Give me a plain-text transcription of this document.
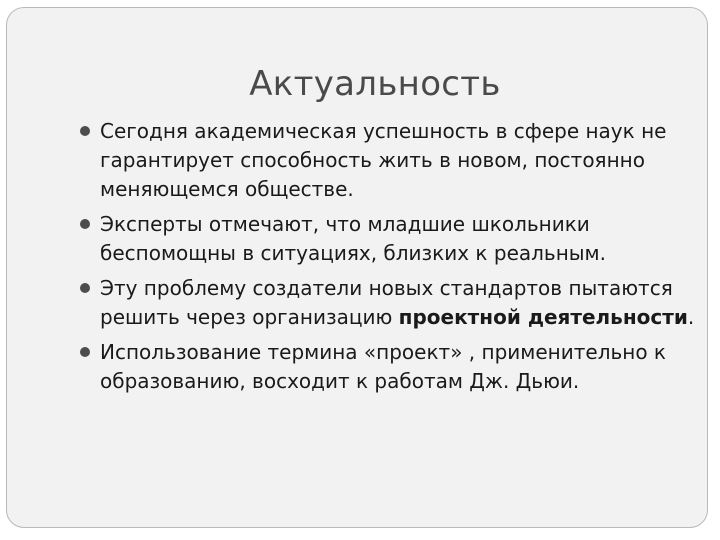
Актуальность
Сегодня академическая успешность в сфере наук не гарантирует способность жить в новом, постоянно меняющемся обществе.
Эксперты отмечают, что младшие школьники беспомощны в ситуациях, близких к реальным.
Эту проблему создатели новых стандартов пытаются решить через организацию проектной деятельности.
Использование термина «проект» , применительно к образованию, восходит к работам Дж. Дьюи.
